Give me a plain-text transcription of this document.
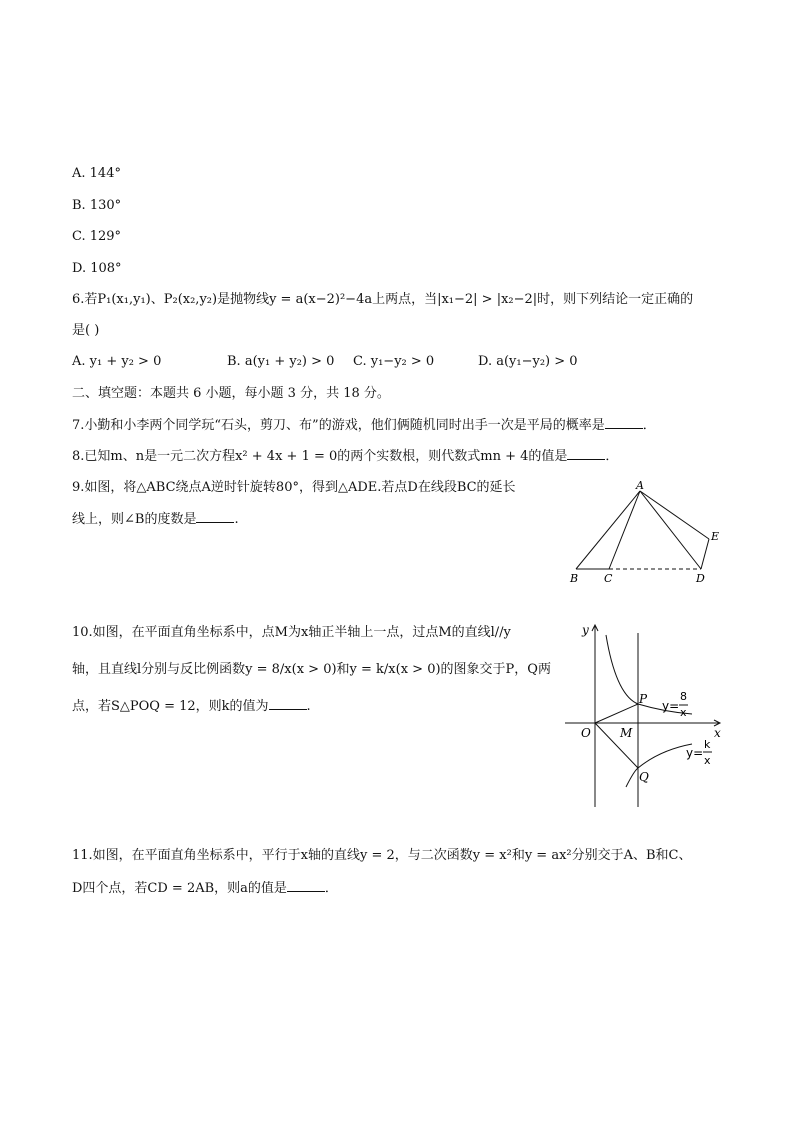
A. 144°
B. 130°
C. 129°
D. 108°
6.若P₁(x₁,y₁)、P₂(x₂,y₂)是抛物线y = a(x−2)²−4a上两点，当|x₁−2| > |x₂−2|时，则下列结论一定正确的
是( )
A. y₁ + y₂ > 0	B. a(y₁ + y₂) > 0 C. y₁−y₂ > 0	D. a(y₁−y₂) > 0
二、填空题：本题共 6 小题，每小题 3 分，共 18 分。
7.小勤和小李两个同学玩“石头，剪刀、布”的游戏，他们俩随机同时出手一次是平局的概率是	．
8.已知m、n是一元二次方程x² + 4x + 1 = 0的两个实数根，则代数式mn + 4的值是	．
9.如图，将△ABC绕点A逆时针旋转80°，得到△ADE.若点D在线段BC的延长
线上，则∠B的度数是	.
A
B C	D
E
10.如图，在平面直角坐标系中，点M为x轴正半轴上一点，过点M的直线l//y
轴，且直线l分别与反比例函数y = 8/x(x > 0)和y = k/x(x > 0)的图象交于P，Q两
点，若S△POQ = 12，则k的值为	.
y
x
O M
P
Q
y=
8
x
y=
k
x
11.如图，在平面直角坐标系中，平行于x轴的直线y = 2，与二次函数y = x²和y = ax²分别交于A、B和C、
D四个点，若CD = 2AB，则a的值是	．
